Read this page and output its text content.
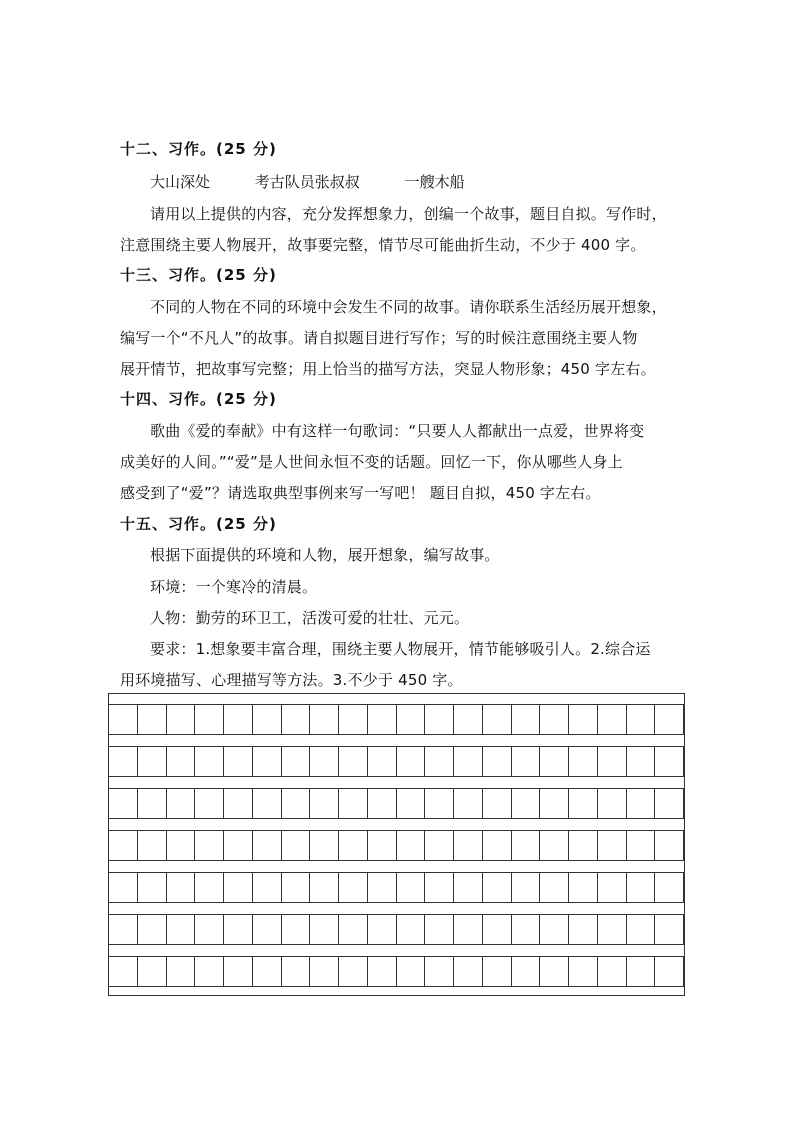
十二、习作。(25 分)
大山深处	考古队员张叔叔	一艘木船
请用以上提供的内容，充分发挥想象力，创编一个故事，题目自拟。写作时，
注意围绕主要人物展开，故事要完整，情节尽可能曲折生动，不少于 400 字。
十三、习作。(25 分)
不同的人物在不同的环境中会发生不同的故事。请你联系生活经历展开想象，
编写一个“不凡人”的故事。请自拟题目进行写作；写的时候注意围绕主要人物
展开情节，把故事写完整；用上恰当的描写方法，突显人物形象；450 字左右。
十四、习作。(25 分)
歌曲《爱的奉献》中有这样一句歌词：“只要人人都献出一点爱，世界将变
成美好的人间。”“爱”是人世间永恒不变的话题。回忆一下，你从哪些人身上
感受到了“爱”？请选取典型事例来写一写吧！ 题目自拟，450 字左右。
十五、习作。(25 分)
根据下面提供的环境和人物，展开想象，编写故事。
环境：一个寒冷的清晨。
人物：勤劳的环卫工，活泼可爱的壮壮、元元。
要求：1.想象要丰富合理，围绕主要人物展开，情节能够吸引人。2.综合运
用环境描写、心理描写等方法。3.不少于 450 字。
